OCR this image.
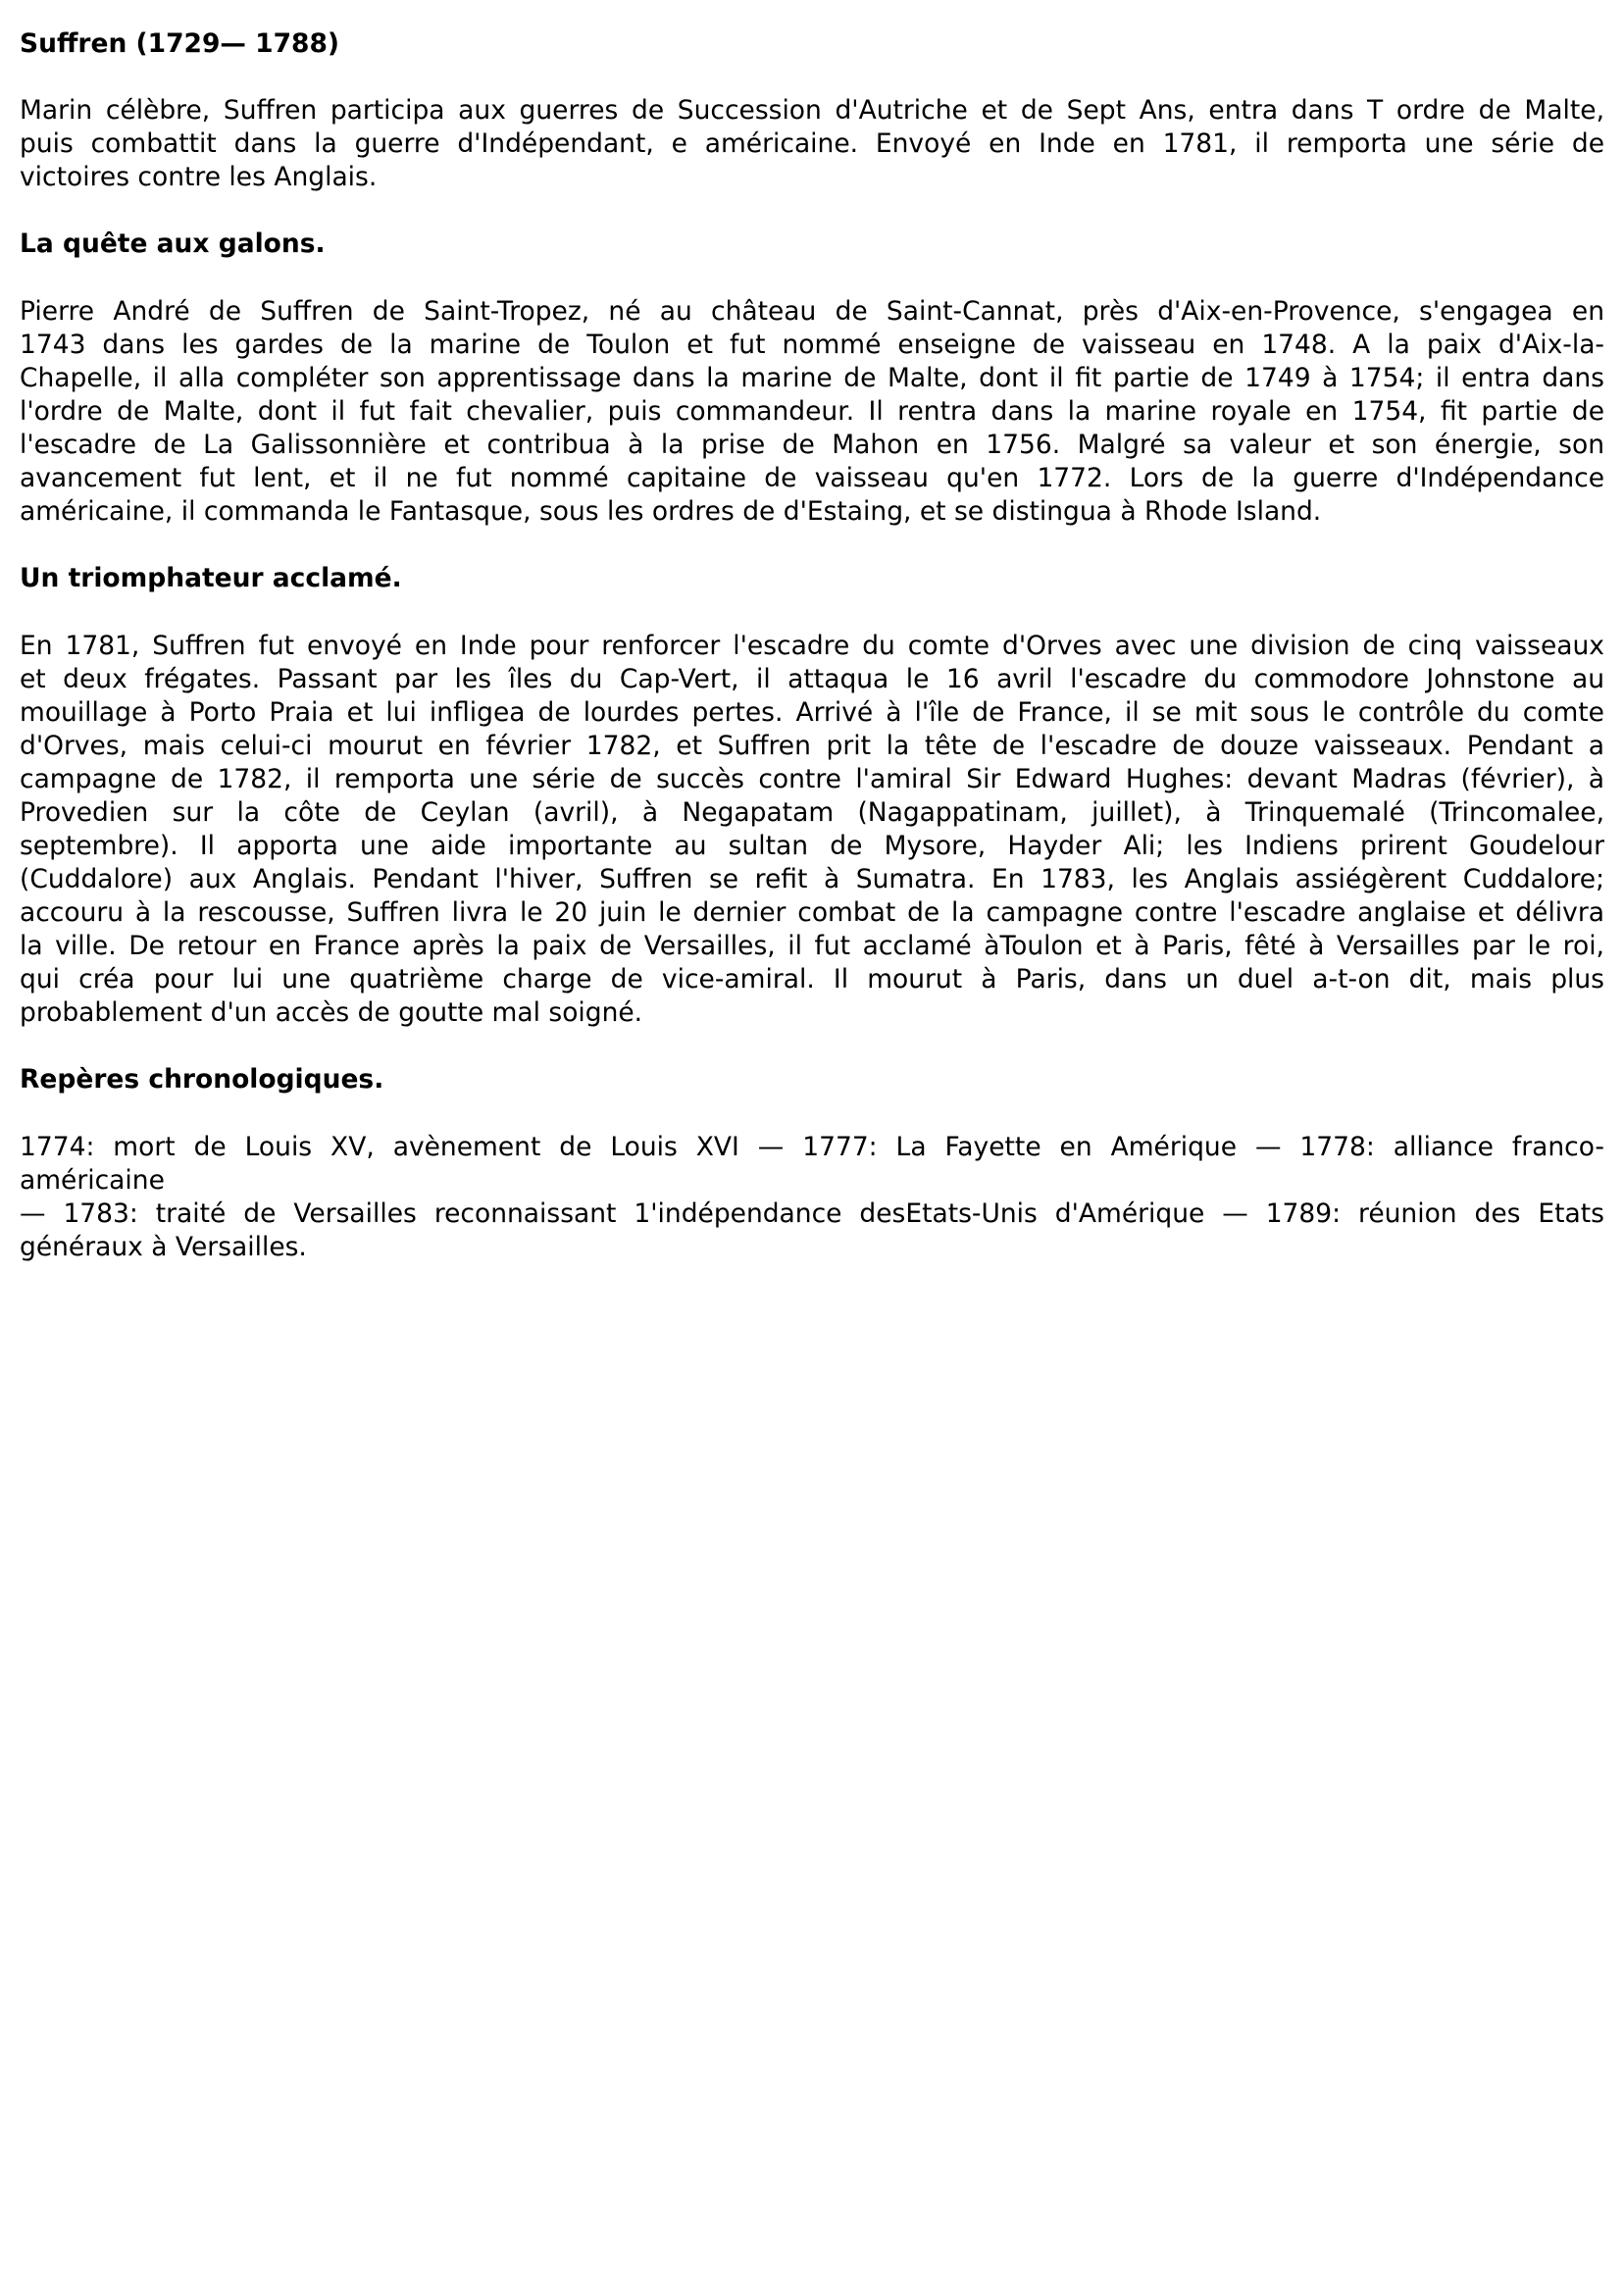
Suffren (1729— 1788)

Marin célèbre, Suffren participa aux guerres de Succession d'Autriche et de Sept Ans, entra dans T ordre de Malte,
puis combattit dans la guerre d'Indépendant, e américaine. Envoyé en Inde en 1781, il remporta une série de
victoires contre les Anglais.

La quête aux galons.

Pierre André de Suffren de Saint-Tropez, né au château de Saint-Cannat, près d'Aix-en-Provence, s'engagea en
1743 dans les gardes de la marine de Toulon et fut nommé enseigne de vaisseau en 1748. A la paix d'Aix-la-
Chapelle, il alla compléter son apprentissage dans la marine de Malte, dont il fit partie de 1749 à 1754; il entra dans
l'ordre de Malte, dont il fut fait chevalier, puis commandeur. Il rentra dans la marine royale en 1754, fit partie de
l'escadre de La Galissonnière et contribua à la prise de Mahon en 1756. Malgré sa valeur et son énergie, son
avancement fut lent, et il ne fut nommé capitaine de vaisseau qu'en 1772. Lors de la guerre d'Indépendance
américaine, il commanda le Fantasque, sous les ordres de d'Estaing, et se distingua à Rhode Island.

Un triomphateur acclamé.

En 1781, Suffren fut envoyé en Inde pour renforcer l'escadre du comte d'Orves avec une division de cinq vaisseaux
et deux frégates. Passant par les îles du Cap-Vert, il attaqua le 16 avril l'escadre du commodore Johnstone au
mouillage à Porto Praia et lui infligea de lourdes pertes. Arrivé à l'île de France, il se mit sous le contrôle du comte
d'Orves, mais celui-ci mourut en février 1782, et Suffren prit la tête de l'escadre de douze vaisseaux. Pendant a
campagne de 1782, il remporta une série de succès contre l'amiral Sir Edward Hughes: devant Madras (février), à
Provedien sur la côte de Ceylan (avril), à Negapatam (Nagappatinam, juillet), à Trinquemalé (Trincomalee,
septembre). Il apporta une aide importante au sultan de Mysore, Hayder Ali; les Indiens prirent Goudelour
(Cuddalore) aux Anglais. Pendant l'hiver, Suffren se refit à Sumatra. En 1783, les Anglais assiégèrent Cuddalore;
accouru à la rescousse, Suffren livra le 20 juin le dernier combat de la campagne contre l'escadre anglaise et délivra
la ville. De retour en France après la paix de Versailles, il fut acclamé àToulon et à Paris, fêté à Versailles par le roi,
qui créa pour lui une quatrième charge de vice-amiral. Il mourut à Paris, dans un duel a-t-on dit, mais plus
probablement d'un accès de goutte mal soigné.

Repères chronologiques.

1774: mort de Louis XV, avènement de Louis XVI — 1777: La Fayette en Amérique — 1778: alliance franco-
américaine
— 1783: traité de Versailles reconnaissant 1'indépendance desEtats-Unis d'Amérique — 1789: réunion des Etats
généraux à Versailles.
